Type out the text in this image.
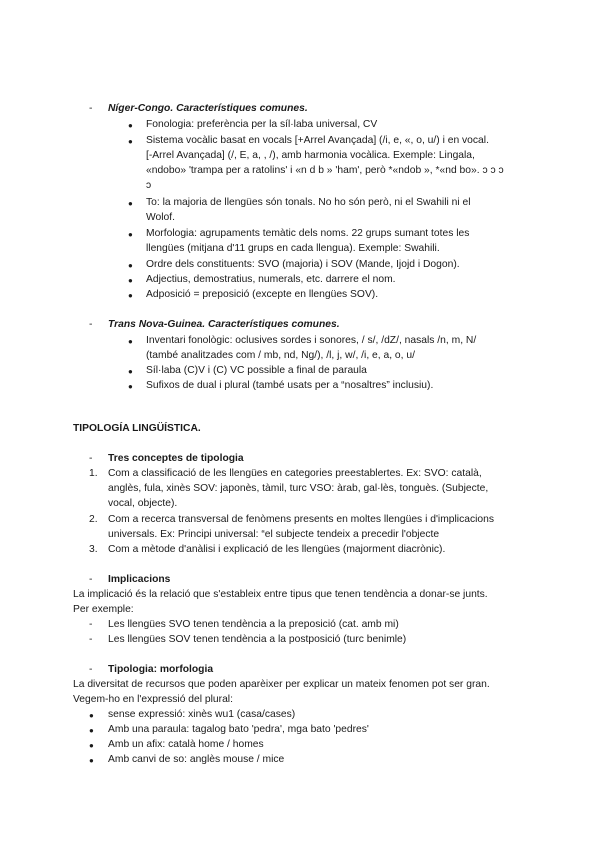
- Níger-Congo. Característiques comunes.
● Fonologia: preferència per la síl·laba universal, CV
● Sistema vocàlic basat en vocals [+Arrel Avançada] (/i, e, «, o, u/) i en vocal.
[-Arrel Avançada] (/, E, a, , /), amb harmonia vocàlica. Exemple: Lingala,
«ndobo» 'trampa per a ratolins' i «n d b » 'ham', però *«ndob », *«nd bo». ɔ ɔ ɔ
ɔ
● To: la majoria de llengües són tonals. No ho són però, ni el Swahili ni el
Wolof.
● Morfologia: agrupaments temàtic dels noms. 22 grups sumant totes les
llengües (mitjana d'11 grups en cada llengua). Exemple: Swahili.
● Ordre dels constituents: SVO (majoria) i SOV (Mande, Ijojd i Dogon).
● Adjectius, demostratius, numerals, etc. darrere el nom.
● Adposició = preposició (excepte en llengües SOV).
- Trans Nova-Guinea. Característiques comunes.
● Inventari fonològic: oclusives sordes i sonores, / s/, /dZ/, nasals /n, m, N/
(també analitzades com / mb, nd, Ng/), /l, j, w/, /i, e, a, o, u/
● Síl·laba (C)V i (C) VC possible a final de paraula
● Sufixos de dual i plural (també usats per a “nosaltres” inclusiu).
TIPOLOGÍA LINGÜÍSTICA.
- Tres conceptes de tipologia
1. Com a classificació de les llengües en categories preestablertes. Ex: SVO: català,
anglès, fula, xinès SOV: japonès, tàmil, turc VSO: àrab, gal·lès, tonguès. (Subjecte,
vocal, objecte).
2. Com a recerca transversal de fenòmens presents en moltes llengües i d'implicacions
universals. Ex: Principi universal: “el subjecte tendeix a precedir l'objecte
3. Com a mètode d'anàlisi i explicació de les llengües (majorment diacrònic).
- Implicacions
La implicació és la relació que s'estableix entre tipus que tenen tendència a donar-se junts.
Per exemple:
- Les llengües SVO tenen tendència a la preposició (cat. amb mi)
- Les llengües SOV tenen tendència a la postposició (turc benimle)
- Tipologia: morfologia
La diversitat de recursos que poden aparèixer per explicar un mateix fenomen pot ser gran.
Vegem-ho en l'expressió del plural:
● sense expressió: xinès wu1 (casa/cases)
● Amb una paraula: tagalog bato 'pedra', mga bato 'pedres'
● Amb un afix: català home / homes
● Amb canvi de so: anglès mouse / mice
